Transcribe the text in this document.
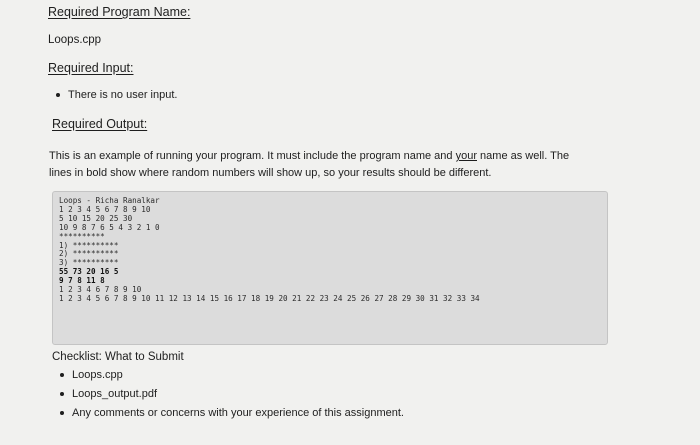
Required Program Name:
Loops.cpp
Required Input:
There is no user input.
Required Output:
This is an example of running your program. It must include the program name and your name as well. The
lines in bold show where random numbers will show up, so your results should be different.
Loops - Richa Ranalkar
1 2 3 4 5 6 7 8 9 10
5 10 15 20 25 30
10 9 8 7 6 5 4 3 2 1 0
**********
1) **********
2) **********
3) **********
55 73 20 16 5
9 7 8 11 8
1 2 3 4 6 7 8 9 10
1 2 3 4 5 6 7 8 9 10 11 12 13 14 15 16 17 18 19 20 21 22 23 24 25 26 27 28 29 30 31 32 33 34

Checklist: What to Submit
Loops.cpp
Loops_output.pdf
Any comments or concerns with your experience of this assignment.
